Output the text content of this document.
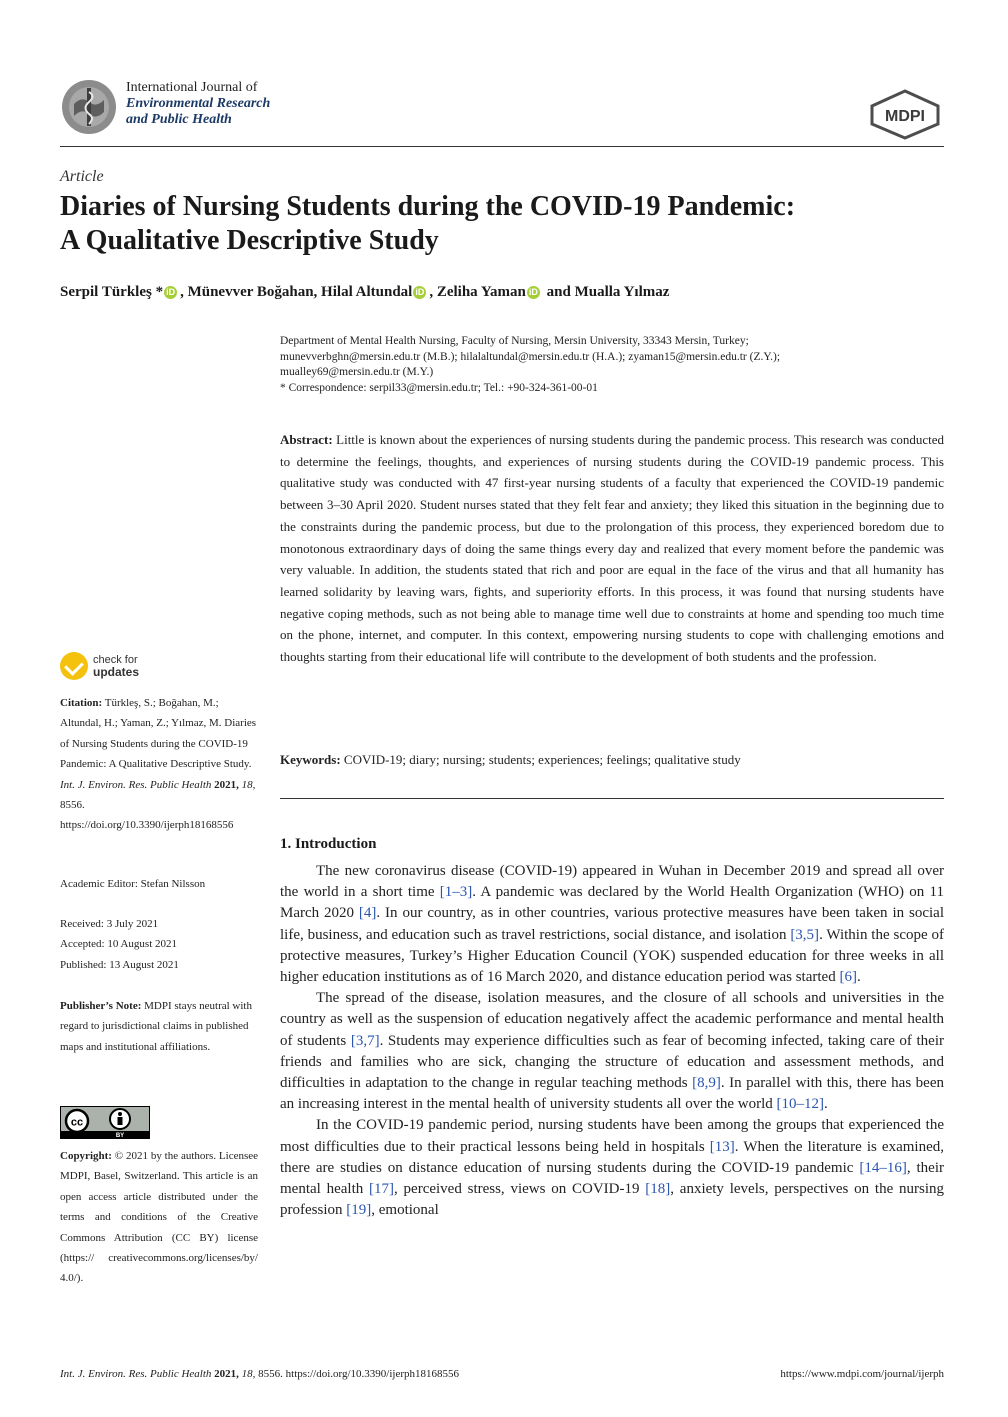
International Journal of
Environmental Research
and Public Health	MDPI
Article
Diaries of Nursing Students during the COVID-19 Pandemic:
A Qualitative Descriptive Study
Serpil Türkleş * iD , Münevver Boğahan, Hilal Altundal iD , Zeliha Yaman iD and Mualla Yılmaz
Department of Mental Health Nursing, Faculty of Nursing, Mersin University, 33343 Mersin, Turkey;
munevverbghn@mersin.edu.tr (M.B.); hilalaltundal@mersin.edu.tr (H.A.); zyaman15@mersin.edu.tr (Z.Y.);
mualley69@mersin.edu.tr (M.Y.)
* Correspondence: serpil33@mersin.edu.tr; Tel.: +90-324-361-00-01
Abstract: Little is known about the experiences of nursing students during the pandemic process. This research was conducted to determine the feelings, thoughts, and experiences of nursing students during the COVID-19 pandemic process. This qualitative study was conducted with 47 first-year nursing students of a faculty that experienced the COVID-19 pandemic between 3–30 April 2020. Student nurses stated that they felt fear and anxiety; they liked this situation in the beginning due to the constraints during the pandemic process, but due to the prolongation of this process, they experienced boredom due to monotonous extraordinary days of doing the same things every day and realized that every moment before the pandemic was very valuable. In addition, the students stated that rich and poor are equal in the face of the virus and that all humanity has learned solidarity by leaving wars, fights, and superiority efforts. In this process, it was found that nursing students have negative coping methods, such as not being able to manage time well due to constraints at home and spending too much time on the phone, internet, and computer. In this context, empowering nursing students to cope with challenging emotions and thoughts starting from their educational life will contribute to the development of both students and the profession.
Keywords: COVID-19; diary; nursing; students; experiences; feelings; qualitative study
1. Introduction

The new coronavirus disease (COVID-19) appeared in Wuhan in December 2019 and spread all over the world in a short time [1–3]. A pandemic was declared by the World Health Organization (WHO) on 11 March 2020 [4]. In our country, as in other countries, various protective measures have been taken in social life, business, and education such as travel restrictions, social distance, and isolation [3,5]. Within the scope of protective measures, Turkey’s Higher Education Council (YOK) suspended education for three weeks in all higher education institutions as of 16 March 2020, and distance education period was started [6].

The spread of the disease, isolation measures, and the closure of all schools and universities in the country as well as the suspension of education negatively affect the academic performance and mental health of students [3,7]. Students may experience difficulties such as fear of becoming infected, taking care of their friends and families who are sick, changing the structure of education and assessment methods, and difficulties in adaptation to the change in regular teaching methods [8,9]. In parallel with this, there has been an increasing interest in the mental health of university students all over the world [10–12].

In the COVID-19 pandemic period, nursing students have been among the groups that experienced the most difficulties due to their practical lessons being held in hospitals [13]. When the literature is examined, there are studies on distance education of nursing students during the COVID-19 pandemic [14–16], their mental health [17], perceived stress, views on COVID-19 [18], anxiety levels, perspectives on the nursing profession [19], emotional

check for
updates
Citation: Türkleş, S.; Boğahan, M.; Altundal, H.; Yaman, Z.; Yılmaz, M. Diaries of Nursing Students during the COVID-19 Pandemic: A Qualitative Descriptive Study. Int. J. Environ. Res. Public Health 2021, 18, 8556. https://doi.org/10.3390/ijerph18168556
Academic Editor: Stefan Nilsson
Received: 3 July 2021
Accepted: 10 August 2021
Published: 13 August 2021
Publisher’s Note: MDPI stays neutral with regard to jurisdictional claims in published maps and institutional affiliations.
cc
BY
Copyright: © 2021 by the authors. Licensee MDPI, Basel, Switzerland. This article is an open access article distributed under the terms and conditions of the Creative Commons Attribution (CC BY) license (https:// creativecommons.org/licenses/by/ 4.0/).
Int. J. Environ. Res. Public Health 2021, 18, 8556. https://doi.org/10.3390/ijerph18168556	https://www.mdpi.com/journal/ijerph
